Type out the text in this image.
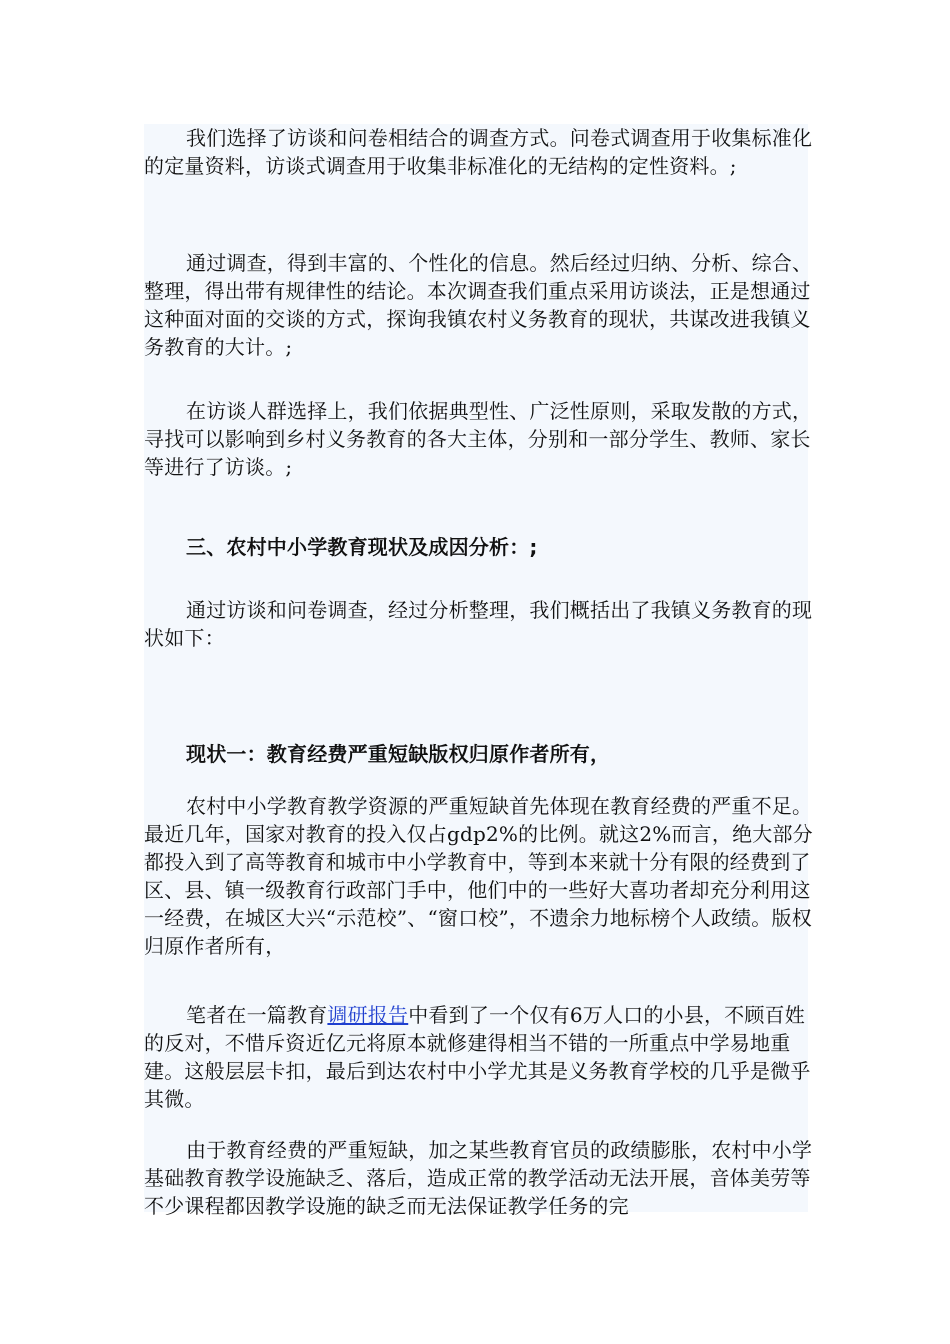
我们选择了访谈和问卷相结合的调查方式。问卷式调查用于收集标准化的定量资料，访谈式调查用于收集非标准化的无结构的定性资料。;

通过调查，得到丰富的、个性化的信息。然后经过归纳、分析、综合、整理，得出带有规律性的结论。本次调查我们重点采用访谈法，正是想通过这种面对面的交谈的方式，探询我镇农村义务教育的现状，共谋改进我镇义务教育的大计。;

在访谈人群选择上，我们依据典型性、广泛性原则，采取发散的方式，寻找可以影响到乡村义务教育的各大主体，分别和一部分学生、教师、家长等进行了访谈。;

三、农村中小学教育现状及成因分析：;

通过访谈和问卷调查，经过分析整理，我们概括出了我镇义务教育的现状如下：

现状一：教育经费严重短缺版权归原作者所有，

农村中小学教育教学资源的严重短缺首先体现在教育经费的严重不足。最近几年，国家对教育的投入仅占gdp2%的比例。就这2%而言，绝大部分都投入到了高等教育和城市中小学教育中，等到本来就十分有限的经费到了区、县、镇一级教育行政部门手中，他们中的一些好大喜功者却充分利用这一经费，在城区大兴“示范校”、“窗口校”，不遗余力地标榜个人政绩。版权归原作者所有，

笔者在一篇教育调研报告中看到了一个仅有6万人口的小县，不顾百姓的反对，不惜斥资近亿元将原本就修建得相当不错的一所重点中学易地重建。这般层层卡扣，最后到达农村中小学尤其是义务教育学校的几乎是微乎其微。

由于教育经费的严重短缺，加之某些教育官员的政绩膨胀，农村中小学基础教育教学设施缺乏、落后，造成正常的教学活动无法开展，音体美劳等不少课程都因教学设施的缺乏而无法保证教学任务的完
